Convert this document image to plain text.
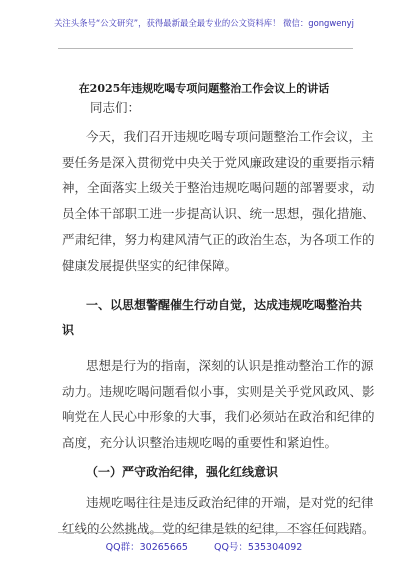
关注头条号“公文研究”，获得最新最全最专业的公文资料库！ 微信：gongwenyj
在2025年违规吃喝专项问题整治工作会议上的讲话
同志们：
今天，我们召开违规吃喝专项问题整治工作会议，主
要任务是深入贯彻党中央关于党风廉政建设的重要指示精
神，全面落实上级关于整治违规吃喝问题的部署要求，动
员全体干部职工进一步提高认识、统一思想，强化措施、
严肃纪律，努力构建风清气正的政治生态，为各项工作的
健康发展提供坚实的纪律保障。
一、以思想警醒催生行动自觉，达成违规吃喝整治共
识
思想是行为的指南，深刻的认识是推动整治工作的源
动力。违规吃喝问题看似小事，实则是关乎党风政风、影
响党在人民心中形象的大事，我们必须站在政治和纪律的
高度，充分认识整治违规吃喝的重要性和紧迫性。
（一）严守政治纪律，强化红线意识
违规吃喝往往是违反政治纪律的开端，是对党的纪律
红线的公然挑战。党的纪律是铁的纪律，不容任何践踏。
QQ群：30265665	QQ号：535304092
